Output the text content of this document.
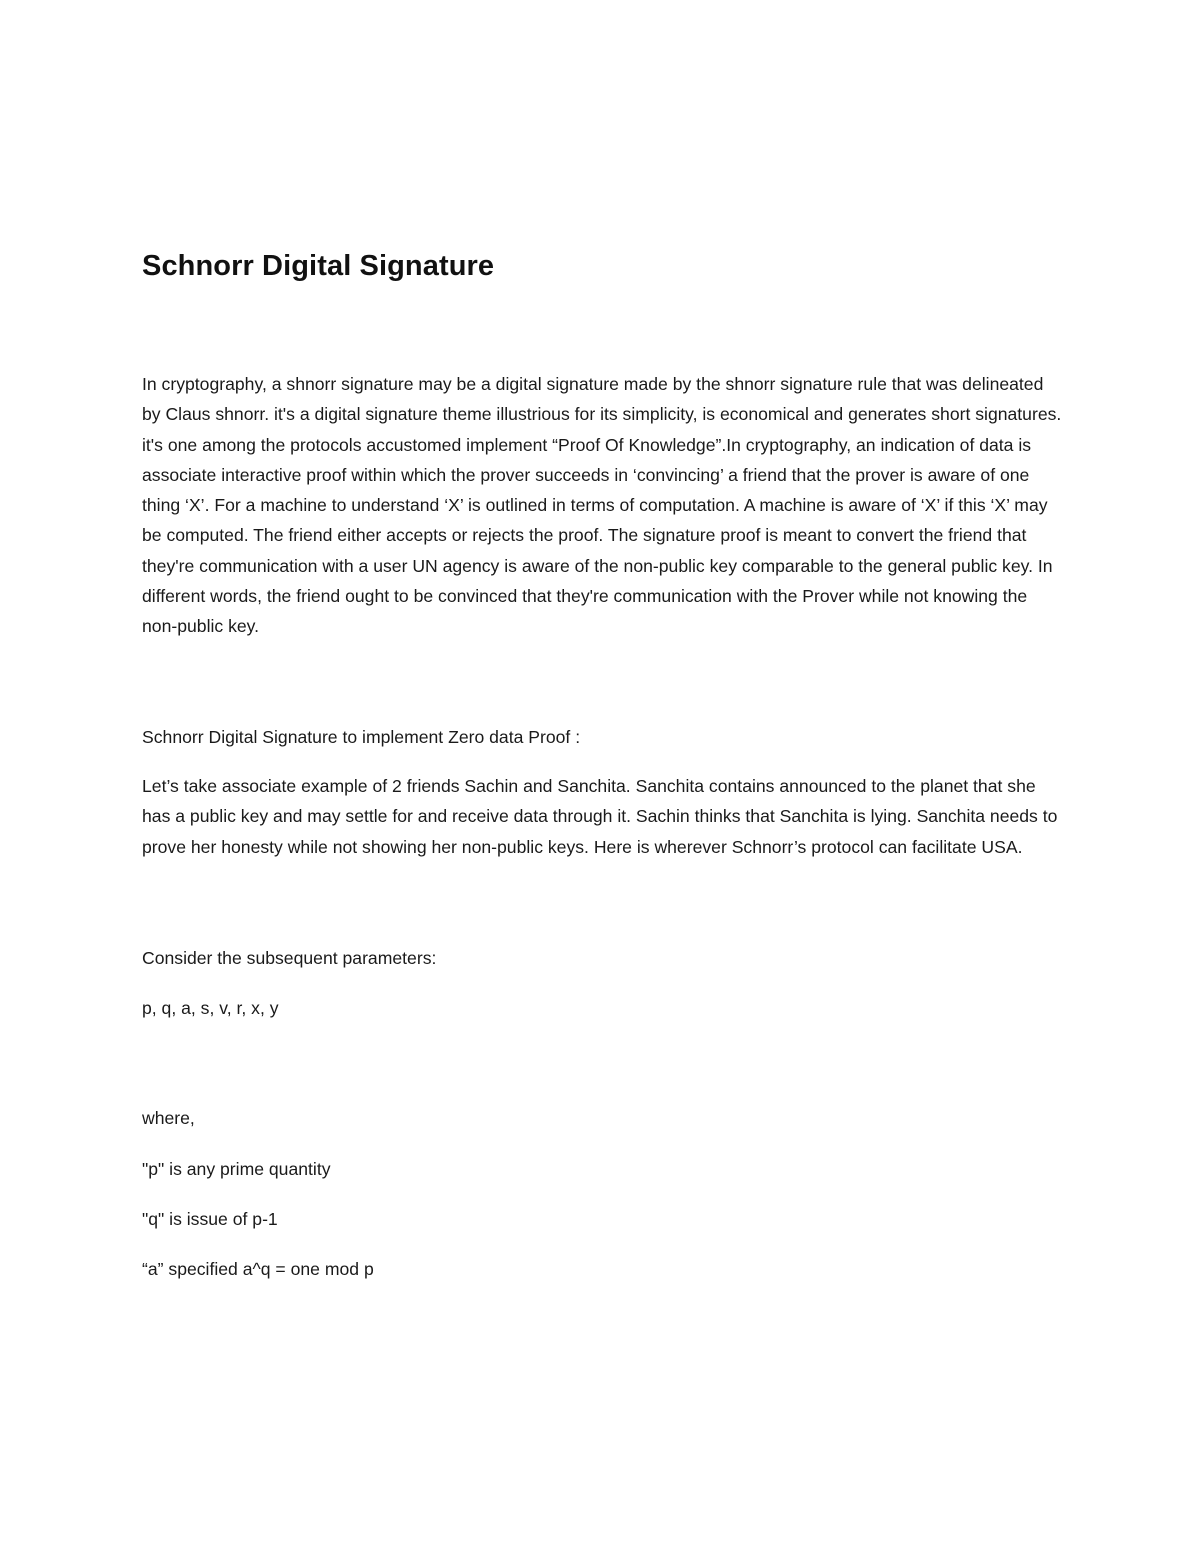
Schnorr Digital Signature

In cryptography, a shnorr signature may be a digital signature made by the shnorr signature rule that was delineated by Claus shnorr. it's a digital signature theme illustrious for its simplicity, is economical and generates short signatures. it's one among the protocols accustomed implement “Proof Of Knowledge”.In cryptography, an indication of data is associate interactive proof within which the prover succeeds in ‘convincing’ a friend that the prover is aware of one thing ‘X’. For a machine to understand ‘X’ is outlined in terms of computation. A machine is aware of ‘X’ if this ‘X’ may be computed. The friend either accepts or rejects the proof. The signature proof is meant to convert the friend that they're communication with a user UN agency is aware of the non-public key comparable to the general public key. In different words, the friend ought to be convinced that they're communication with the Prover while not knowing the non-public key.

Schnorr Digital Signature to implement Zero data Proof :

Let’s take associate example of 2 friends Sachin and Sanchita. Sanchita contains announced to the planet that she has a public key and may settle for and receive data through it. Sachin thinks that Sanchita is lying. Sanchita needs to prove her honesty while not showing her non-public keys. Here is wherever Schnorr’s protocol can facilitate USA.

Consider the subsequent parameters:

p, q, a, s, v, r, x, y

where,

"p" is any prime quantity

"q" is issue of p-1

“a” specified a^q = one mod p
